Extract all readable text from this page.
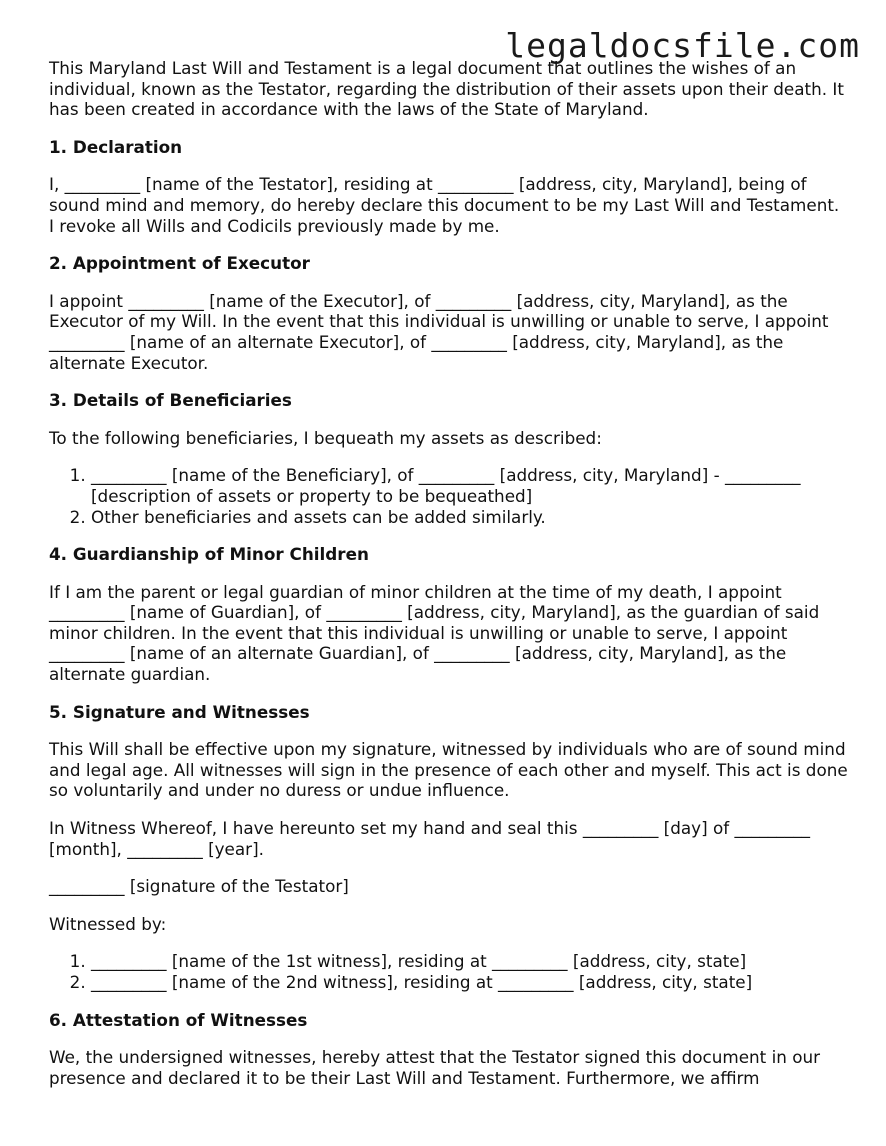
legaldocsfile.com

This Maryland Last Will and Testament is a legal document that outlines the wishes of an individual, known as the Testator, regarding the distribution of their assets upon their death. It has been created in accordance with the laws of the State of Maryland.

1. Declaration

I, _________ [name of the Testator], residing at _________ [address, city, Maryland], being of sound mind and memory, do hereby declare this document to be my Last Will and Testament. I revoke all Wills and Codicils previously made by me.

2. Appointment of Executor

I appoint _________ [name of the Executor], of _________ [address, city, Maryland], as the Executor of my Will. In the event that this individual is unwilling or unable to serve, I appoint _________ [name of an alternate Executor], of _________ [address, city, Maryland], as the alternate Executor.

3. Details of Beneficiaries

To the following beneficiaries, I bequeath my assets as described:

1. _________ [name of the Beneficiary], of _________ [address, city, Maryland] - _________ [description of assets or property to be bequeathed]
2. Other beneficiaries and assets can be added similarly.
4. Guardianship of Minor Children

If I am the parent or legal guardian of minor children at the time of my death, I appoint _________ [name of Guardian], of _________ [address, city, Maryland], as the guardian of said minor children. In the event that this individual is unwilling or unable to serve, I appoint _________ [name of an alternate Guardian], of _________ [address, city, Maryland], as the alternate guardian.

5. Signature and Witnesses

This Will shall be effective upon my signature, witnessed by individuals who are of sound mind and legal age. All witnesses will sign in the presence of each other and myself. This act is done so voluntarily and under no duress or undue influence.

In Witness Whereof, I have hereunto set my hand and seal this _________ [day] of _________ [month], _________ [year].

_________ [signature of the Testator]

Witnessed by:

1. _________ [name of the 1st witness], residing at _________ [address, city, state]
2. _________ [name of the 2nd witness], residing at _________ [address, city, state]
6. Attestation of Witnesses

We, the undersigned witnesses, hereby attest that the Testator signed this document in our presence and declared it to be their Last Will and Testament. Furthermore, we affirm
